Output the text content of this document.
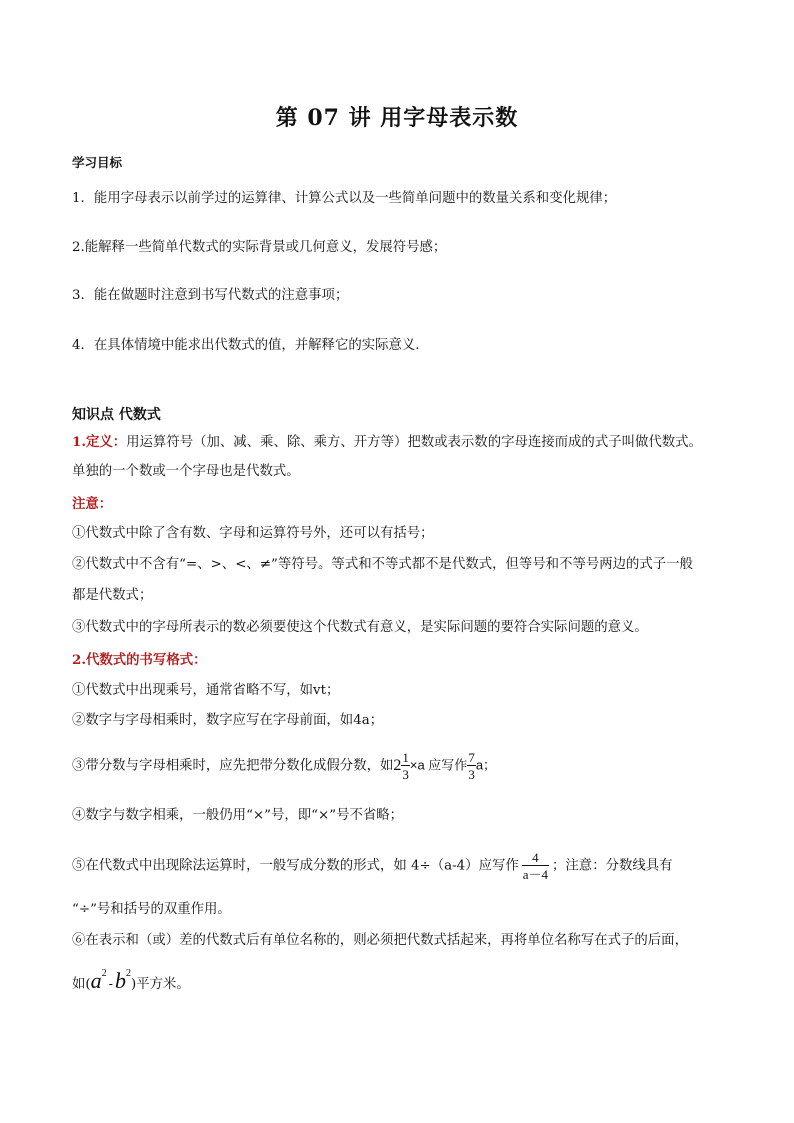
第 07 讲 用字母表示数
学习目标
1．能用字母表示以前学过的运算律、计算公式以及一些简单问题中的数量关系和变化规律；
2.能解释一些简单代数式的实际背景或几何意义，发展符号感；
3．能在做题时注意到书写代数式的注意事项；
4．在具体情境中能求出代数式的值，并解释它的实际意义.
知识点 代数式
1.定义：用运算符号（加、减、乘、除、乘方、开方等）把数或表示数的字母连接而成的式子叫做代数式。
单独的一个数或一个字母也是代数式。
注意：
①代数式中除了含有数、字母和运算符号外，还可以有括号；
②代数式中不含有“=、>、<、≠”等符号。等式和不等式都不是代数式，但等号和不等号两边的式子一般
都是代数式；
③代数式中的字母所表示的数必须要使这个代数式有意义，是实际问题的要符合实际问题的意义。
2.代数式的书写格式：
①代数式中出现乘号，通常省略不写，如vt；
②数字与字母相乘时，数字应写在字母前面，如4a；
③带分数与字母相乘时，应先把带分数化成假分数，如$2 \frac{1}{3} \times a$ 应写作 $\frac{7}{3}$ a；
④数字与数字相乘，一般仍用“×”号，即“×”号不省略；
⑤在代数式中出现除法运算时，一般写成分数的形式，如 4÷（a-4）应写作 $\frac{4}{a-4}$ ；注意：分数线具有
“÷”号和括号的双重作用。
⑥在表示和（或）差的代数式后有单位名称的，则必须把代数式括起来，再将单位名称写在式子的后面，
如$(a^2-b^2)$平方米。
